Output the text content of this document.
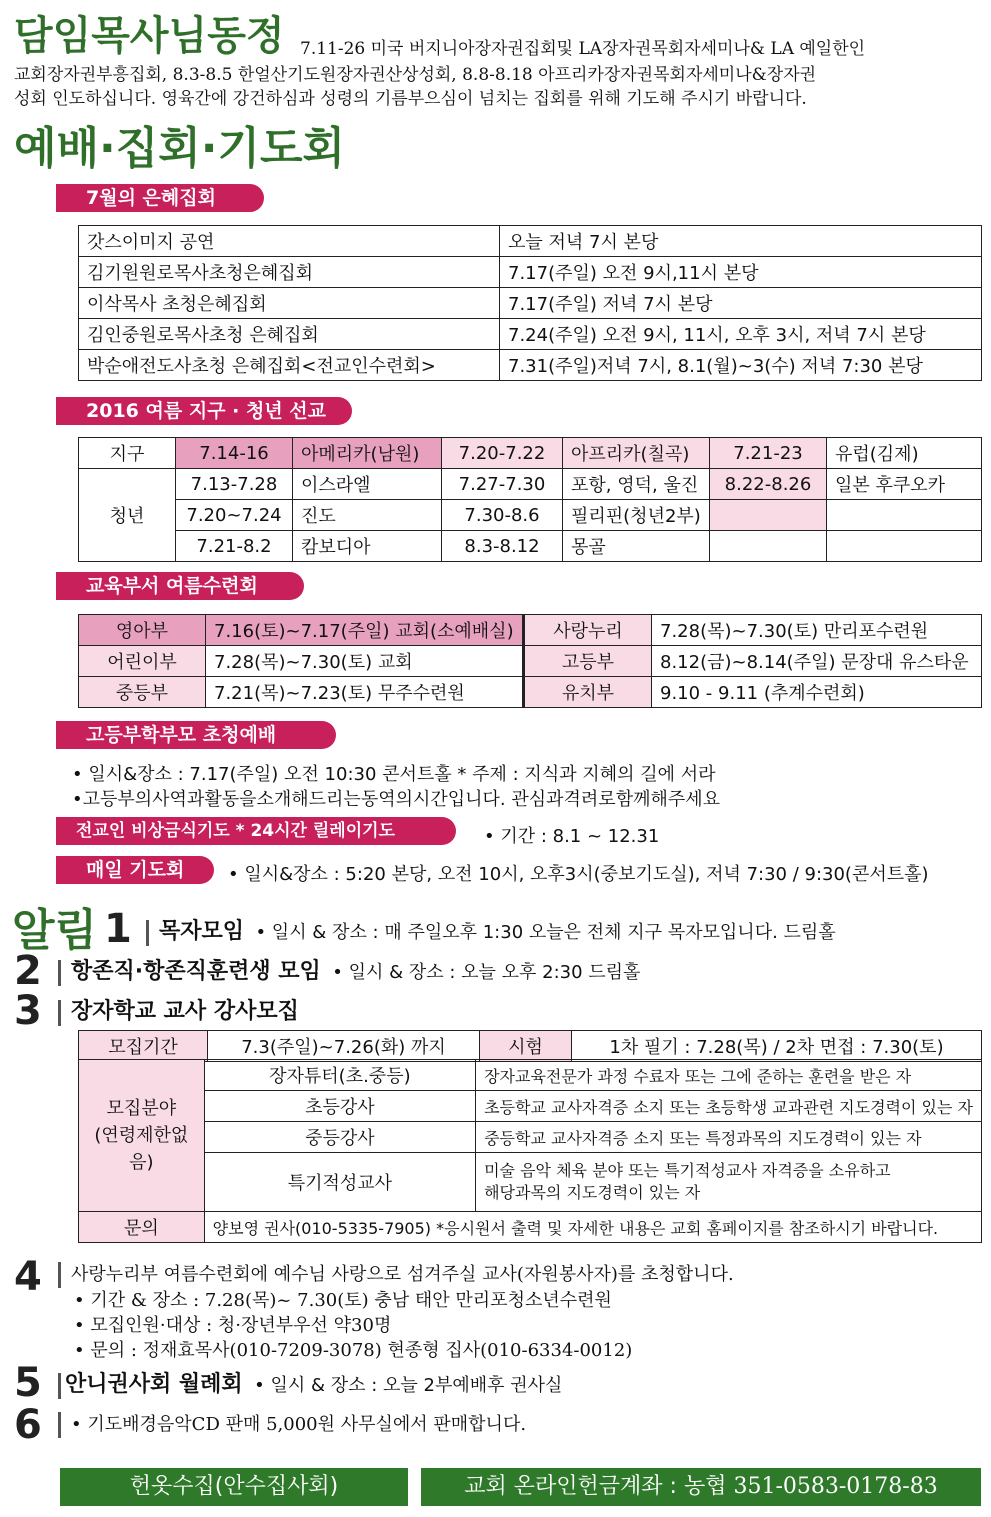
담임목사님동정 7.11-26 미국 버지니아장자권집회및 LA장자권목회자세미나& LA 예일한인
교회장자권부흥집회, 8.3-8.5 한얼산기도원장자권산상성회, 8.8-8.18 아프리카장자권목회자세미나&장자권
성회 인도하십니다. 영육간에 강건하심과 성령의 기름부으심이 넘치는 집회를 위해 기도해 주시기 바랍니다.
예배·집회·기도회
7월의 은혜집회
갓스이미지 공연	오늘 저녁 7시 본당
김기원원로목사초청은혜집회	7.17(주일) 오전 9시,11시 본당
이삭목사 초청은혜집회	7.17(주일) 저녁 7시 본당
김인중원로목사초청 은혜집회	7.24(주일) 오전 9시, 11시, 오후 3시, 저녁 7시 본당
박순애전도사초청 은혜집회<전교인수련회>	7.31(주일)저녁 7시, 8.1(월)~3(수) 저녁 7:30 본당
2016 여름 지구 · 청년 선교
지구	7.14-16	아메리카(남원)	7.20-7.22	아프리카(칠곡)	7.21-23	유럽(김제)
청년	7.13-7.28	이스라엘	7.27-7.30	포항, 영덕, 울진	8.22-8.26	일본 후쿠오카
	7.20~7.24	진도	7.30-8.6	필리핀(청년2부)		
	7.21-8.2	캄보디아	8.3-8.12	몽골		
교육부서 여름수련회
영아부	7.16(토)~7.17(주일) 교회(소예배실)	사랑누리	7.28(목)~7.30(토) 만리포수련원
어린이부	7.28(목)~7.30(토) 교회	고등부	8.12(금)~8.14(주일) 문장대 유스타운
중등부	7.21(목)~7.23(토) 무주수련원	유치부	9.10 - 9.11 (추계수련회)
고등부학부모 초청예배
• 일시&장소 : 7.17(주일) 오전 10:30 콘서트홀 * 주제 : 지식과 지혜의 길에 서라
•고등부의사역과활동을소개해드리는동역의시간입니다. 관심과격려로함께해주세요
전교인 비상금식기도 * 24시간 릴레이기도	• 기간 : 8.1 ~ 12.31
매일 기도회	• 일시&장소 : 5:20 본당, 오전 10시, 오후3시(중보기도실), 저녁 7:30 / 9:30(콘서트홀)
알림 1	목자모임 • 일시 & 장소 : 매 주일오후 1:30 오늘은 전체 지구 목자모입니다. 드림홀
2	항존직·항존직훈련생 모임 • 일시 & 장소 : 오늘 오후 2:30 드림홀
3	장자학교 교사 강사모집
모집기간	7.3(주일)~7.26(화) 까지	시험	1차 필기 : 7.28(목) / 2차 면접 : 7.30(토)
모집분야
(연령제한없음)	장자튜터(초.중등)	장자교육전문가 과정 수료자 또는 그에 준하는 훈련을 받은 자
	초등강사	초등학교 교사자격증 소지 또는 초등학생 교과관련 지도경력이 있는 자
	중등강사	중등학교 교사자격증 소지 또는 특정과목의 지도경력이 있는 자
	특기적성교사	미술 음악 체육 분야 또는 특기적성교사 자격증을 소유하고
해당과목의 지도경력이 있는 자
문의	양보영 권사(010-5335-7905) *응시원서 출력 및 자세한 내용은 교회 홈페이지를 참조하시기 바랍니다.	
4	사랑누리부 여름수련회에 예수님 사랑으로 섬겨주실 교사(자원봉사자)를 초청합니다.
• 기간 & 장소 : 7.28(목)~ 7.30(토) 충남 태안 만리포청소년수련원
• 모집인원·대상 : 청·장년부우선 약30명
• 문의 : 정재효목사(010-7209-3078) 현종형 집사(010-6334-0012)
5	안니권사회 월례회 • 일시 & 장소 : 오늘 2부예배후 권사실
6	• 기도배경음악CD 판매 5,000원 사무실에서 판매합니다.
헌옷수집(안수집사회)	교회 온라인헌금계좌 : 농협 351-0583-0178-83
